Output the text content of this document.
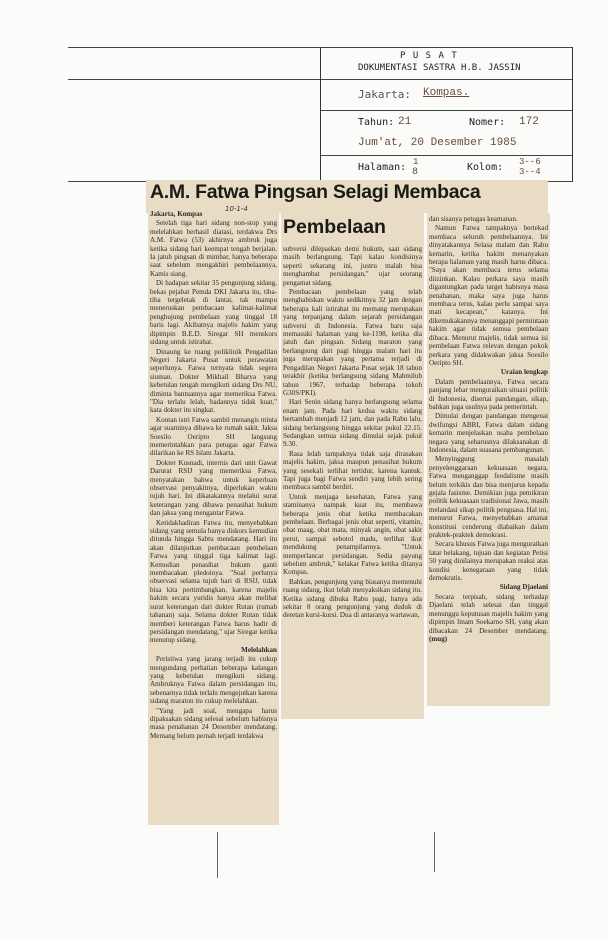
P U S A T
DOKUMENTASI SASTRA H.B. JASSIN
Jakarta: Kompas.
Tahun: 21	Nomer: 172
Jum'at, 20 Desember 1985
Halaman: 1
8	Kolom: 3--6
3--4
A.M. Fatwa Pingsan Selagi Membaca
Pembelaan
10-1-4

Jakarta, Kompas

Setelah tiga hari sidang non-stop yang melelahkan berhasil diatasi, terdakwa Drs A.M. Fatwa (53) akhirnya ambruk juga ketika sidang hari keempat tengah berjalan. Ia jatuh pingsan di mimbar, hanya beberapa saat sebelum mengakhiri pembelaannya, Kamis siang.

Di hadapan sekitar 35 pengunjung sidang, bekas pejabat Pemda DKI Jakarta itu, tiba-tiba tergeletak di lantai, tak mampu meneruskan pembacaan kalimat-kalimat penghujung pembelaan yang tinggal 18 baris lagi. Akibatnya majelis hakim yang dipimpin B.E.D. Siregar SH menskors sidang untuk istirahat.

Dinaung ke ruang poliklinik Pengadilan Negeri Jakarta Pusat untuk perawatan seperlunya. Fatwa ternyata tidak segera siuman. Dokter Mikhail Bharya yang kebetulan tengah mengikuti sidang Drs NU, diminta bantuannya agar memeriksa Fatwa. "Dia terlalu lelah, badannya tidak kuat," kata dokter itu singkat.

Kontan istri Fatwa sambil menangis minta agar suaminya dibawa ke rumah sakit. Jaksa Soesilo Oeripto SH langsung memerintahkan para petugas agar Fatwa dilarikan ke RS Islam Jakarta.

Dokter Kusnadi, internis dari unit Gawat Darurat RSIJ yang memeriksa Fatwa, menyatakan bahwa untuk keperluan observasi penyakitnya, diperlukan waktu tujuh hari. Ini dikatakannya melalui surat keterangan yang dibawa penasihat hukum dan jaksa yang mengantar Fatwa.

Ketidakhadiran Fatwa itu, menyebabkan sidang yang semula hanya diskors kemudian ditunda hingga Sabtu mendatang. Hari itu akan dilanjutkan pembacaan pembelaan Fatwa yang tinggal tiga kalimat lagi. Kemudian penasihat hukum ganti membacakan pledoinya. "Soal perlunya observasi selama tujuh hari di RSIJ, tidak bisa kita pertimbangkan, karena majelis hakim secara yuridis hanya akan melihat surat keterangan dari dokter Rutan (rumah tahanan) saja. Selama dokter Rutan tidak memberi keterangan Fatwa harus hadir di persidangan mendatang," ujar Siregar ketika menutup sidang.

Melelahkan

Peristiwa yang jarang terjadi itu cukup mengundang perhatian beberapa kalangan yang kebetulan mengikuti sidang. Ambruknya Fatwa dalam persidangan itu, sebenarnya tidak terlalu mengejutkan karena sidang maraton itu cukup melelahkan.

"Yang jadi soal, mengapa harus dipaksakan sidang selesai sebelum habisnya masa penahanan 24 Desember mendatang. Memang belum pernah terjadi terdakwa

subversi dilepaskan demi hukum, saat sidang masih berlangsung. Tapi kalau kondisinya seperti sekarang ini, justru malah bisa menghambat persidangan," ujar seorang pengamat sidang.

Pembacaan pembelaan yang telah menghabiskan waktu sedikitnya 32 jam dengan beberapa kali istirahat itu memang merupakan yang terpanjang dalam sejarah persidangan subversi di Indonesia. Fatwa baru saja memasuki halaman yang ke-1198, ketika dia jatuh dan pingsan. Sidang maraton yang berlangsung dari pagi hingga malam hari itu juga merupakan yang pertama terjadi di Pengadilan Negeri Jakarta Pusat sejak 18 tahun terakhir (ketika berlangsung sidang Mahmilub tahun 1967, terhadap beberapa tokoh G30S/PKI).

Hari Senin sidang hanya berlangsung selama enam jam. Pada hari kedua waktu sidang bertambah menjadi 12 jam, dan pada Rabu lalu, sidang berlangsung hingga sekitar pukul 22.15. Sedangkan semua sidang dimulai sejak pukul 9.30.

Rasa lelah tampaknya tidak saja dirasakan majelis hakim, jaksa maupun penasihat hukum yang sesekali terlihat tertidur, karena kantuk. Tapi juga bagi Fatwa sendiri yang lebih sering membaca sambil berdiri.

Untuk menjaga kesehatan, Fatwa yang staminanya nampak kuat itu, membawa beberapa jenis obat ketika membacakan pembelaan. Berbagai jenis obat seperti, vitamin, obat maag, obat mata, minyak angin, obat sakit perut, sampai sebotol madu, terlihat ikut mendukung penampilannya. "Untuk memperlancar persidangan. Sedia payung sebelum ambruk," kelakar Fatwa ketika ditanya Kompas.

Bahkan, pengunjung yang biasanya memenuhi ruang sidang, ikut lelah menyaksikan sidang itu. Ketika sidang dibuka Rabu pagi, hanya ada sekitar 8 orang pengunjung yang duduk di deretan kursi-kursi. Dua di antaranya wartawan,

dan sisanya petugas keamanan.

Namun Fatwa tampaknya bertekad membaca seluruh pembelaannya. Ini dinyatakannya Selasa malam dan Rabu kemarin, ketika hakim menanyakan berapa halaman yang masih harus dibaca. "Saya akan membaca terus selama diizinkan. Kalau perkara saya masih digantungkan pada target habisnya masa penahanan, maka saya juga harus membaca terus, kalau perlu sampai saya mati kecapean," katanya. Ini dikemukakannya menanggapi permintaan hakim agar tidak semua pembelaan dibaca. Menurut majelis, tidak semua isi pembelaan Fatwa relevan dengan pokok perkara yang didakwakan jaksa Soesilo Oeripto SH.

Uraian lengkap

Dalam pembelaannya, Fatwa secara panjang lebar menguraikan situasi politik di Indonesia, disertai pandangan, sikap, bahkan juga usulnya pada pemerintah.

Dimulai dengan pandangan mengenai dwifungsi ABRI, Fatwa dalam sidang kemarin menjelaskan usaha pembelaan negara yang seharusnya dilaksanakan di Indonesia, dalam suasana pembangunan.

Menyinggung masalah penyelenggaraan kekuasaan negara, Fatwa menganggap feodalisme masih belum terkikis dan bisa menjurus kepada gejala fasisme. Demikian juga pemikiran politik kekuasaan tradisional Jawa, masih melandasi sikap politik penguasa. Hal ini, menurut Fatwa, menyebabkan amanat konstitusi cenderung diabaikan dalam praktek-praktek demokrasi.

Secara khusus Fatwa juga menguraikan latar belakang, tujuan dan kegiatan Petisi 50 yang dinilainya merupakan reaksi atas kondisi kenegaraan yang tidak demokratis.

Sidang Djaelani

Secara terpisah, sidang terhadap Djaelani telah selesai dan tinggal menunggu keputusan majelis hakim yang dipimpin Imam Soekarno SH, yang akan dibacakan 24 Desember mendatang. (mug)
